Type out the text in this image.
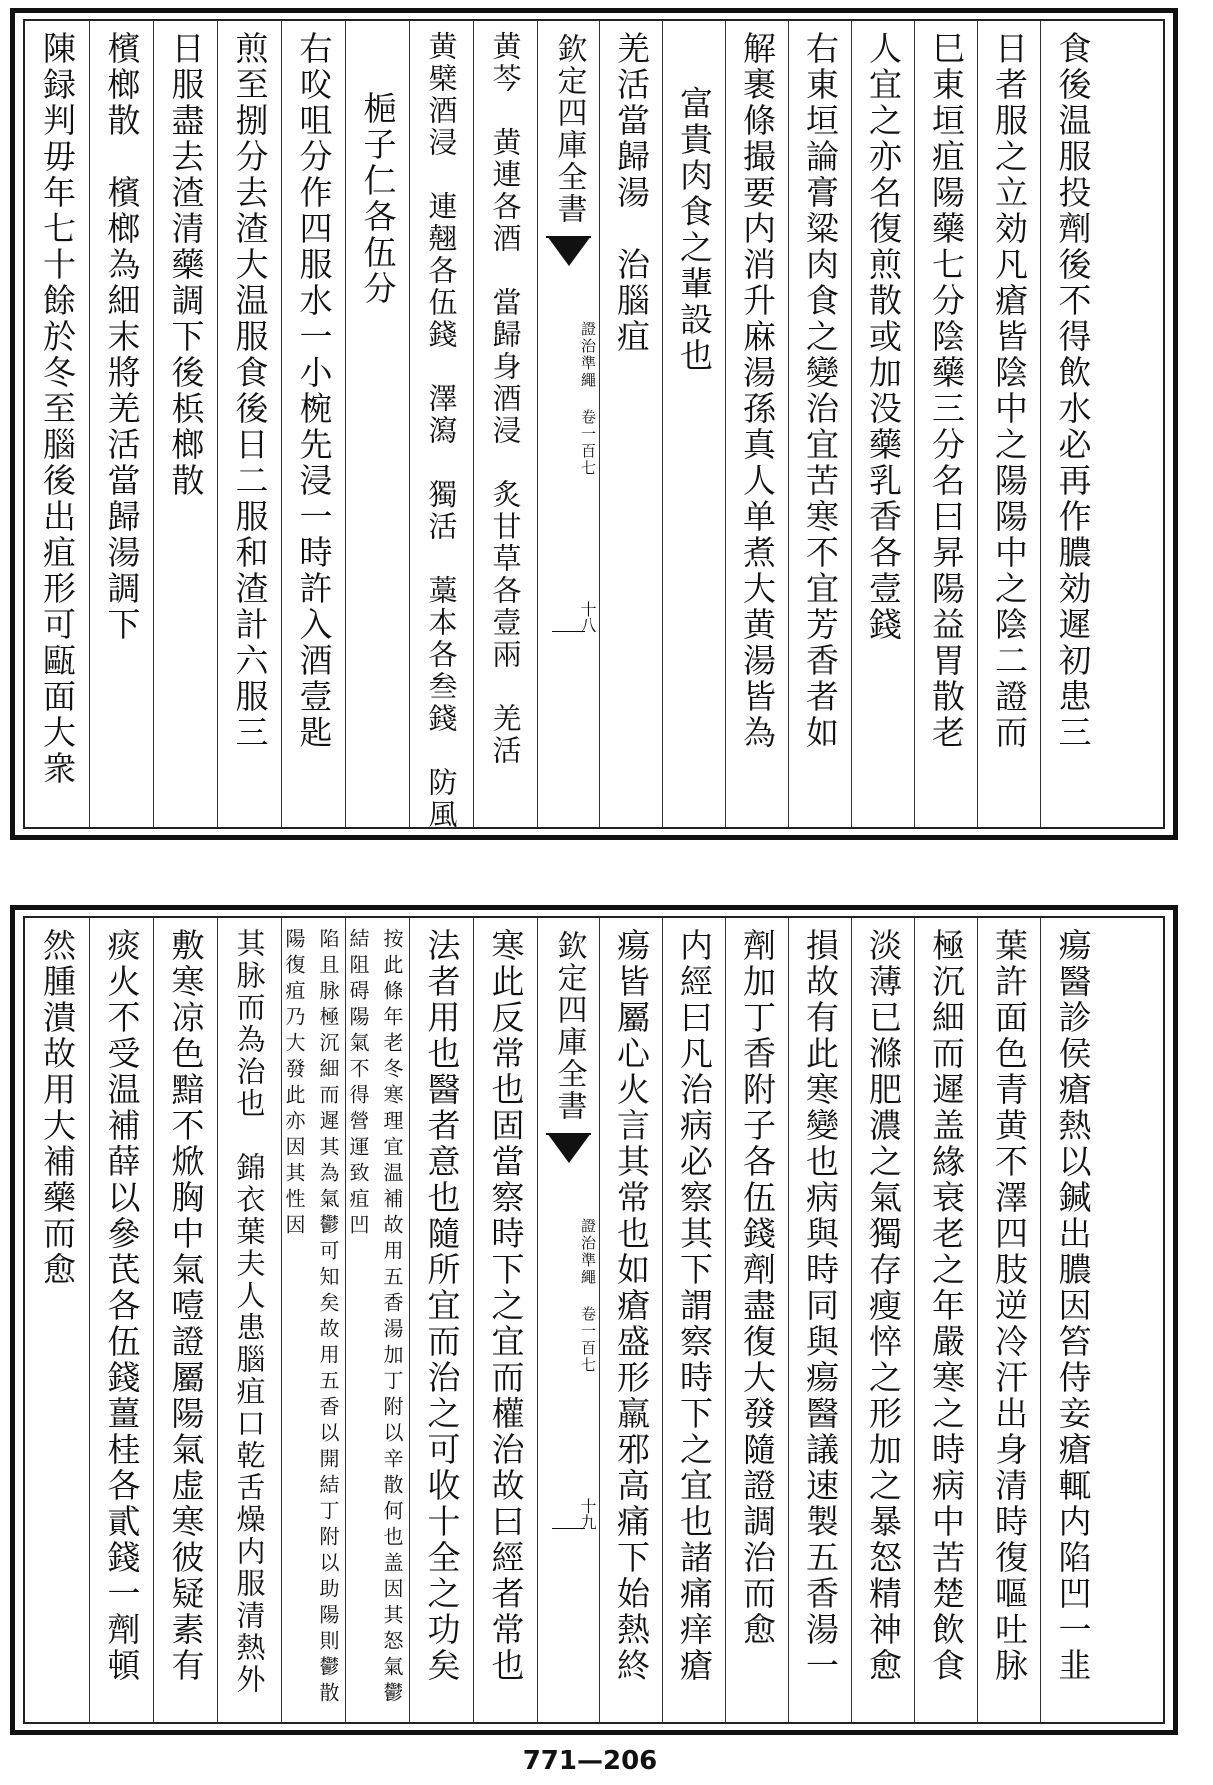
陳録判毋年七十餘於冬至腦後出疽形可甌面大衆 檳榔散　檳榔為細末將羌活當歸湯調下 日服盡去渣清藥調下後梹榔散 煎至捌分去渣大温服食後日二服和渣計六服三 右㕮咀分作四服水一小椀先浸一時許入酒壹匙 梔子仁各伍分 黄檗酒浸　連翹各伍錢　澤瀉　獨活　藁本各叁錢　防風	黄芩　黄連各酒　當歸身酒浸　炙甘草各壹兩　羌活 欽定四庫全書
證治準繩 卷一百七
十八
羌活當歸湯　治腦疽 富貴肉食之輩設也 解裹條撮要内消升麻湯孫真人单煮大黄湯皆為 右東垣論膏粱肉食之變治宜苦寒不宜芳香者如 人宜之亦名復煎散或加没藥乳香各壹錢 巳東垣疽陽藥七分陰藥三分名曰昇陽益胃散老 日者服之立効凡瘡皆陰中之陽陽中之陰二證而 食後温服投劑後不得飲水必再作膿効遲初患三
然腫潰故用大補藥而愈 痰火不受温補薛以參芪各伍錢薑桂各貳錢一劑頓 敷寒凉色黯不焮胸中氣噎證屬陽氣虚寒彼疑素有 其脉而為治也　錦衣葉夫人患腦疽口乾舌燥内服清熱外	陷且脉極沉細而遲其為氣鬱可知矣故用五香以開結丁附以助陽則鬱散陽復疽乃大發此亦因其性因	按此條年老冬寒理宜温補故用五香湯加丁附以辛散何也盖因其怒氣鬱結阻碍陽氣不得營運致疽凹	法者用也醫者意也隨所宜而治之可收十全之功矣 寒此反常也固當察時下之宜而權治故曰經者常也 欽定四庫全書
證治準繩 卷一百七
十九 瘍皆屬心火言其常也如瘡盛形羸邪高痛下始熱終 内經曰凡治病必察其下謂察時下之宜也諸痛痒瘡 劑加丁香附子各伍錢劑盡復大發隨證調治而愈 損故有此寒變也病與時同與瘍醫議速製五香湯一 淡薄已滌肥濃之氣獨存瘦悴之形加之暴怒精神愈 極沉細而遲盖緣衰老之年嚴寒之時病中苦楚飲食 葉許面色青黄不澤四肢逆冷汗出身清時復嘔吐脉 瘍醫診侯瘡熱以鍼出膿因笞侍妾瘡輒内陷凹一韭
771—206
